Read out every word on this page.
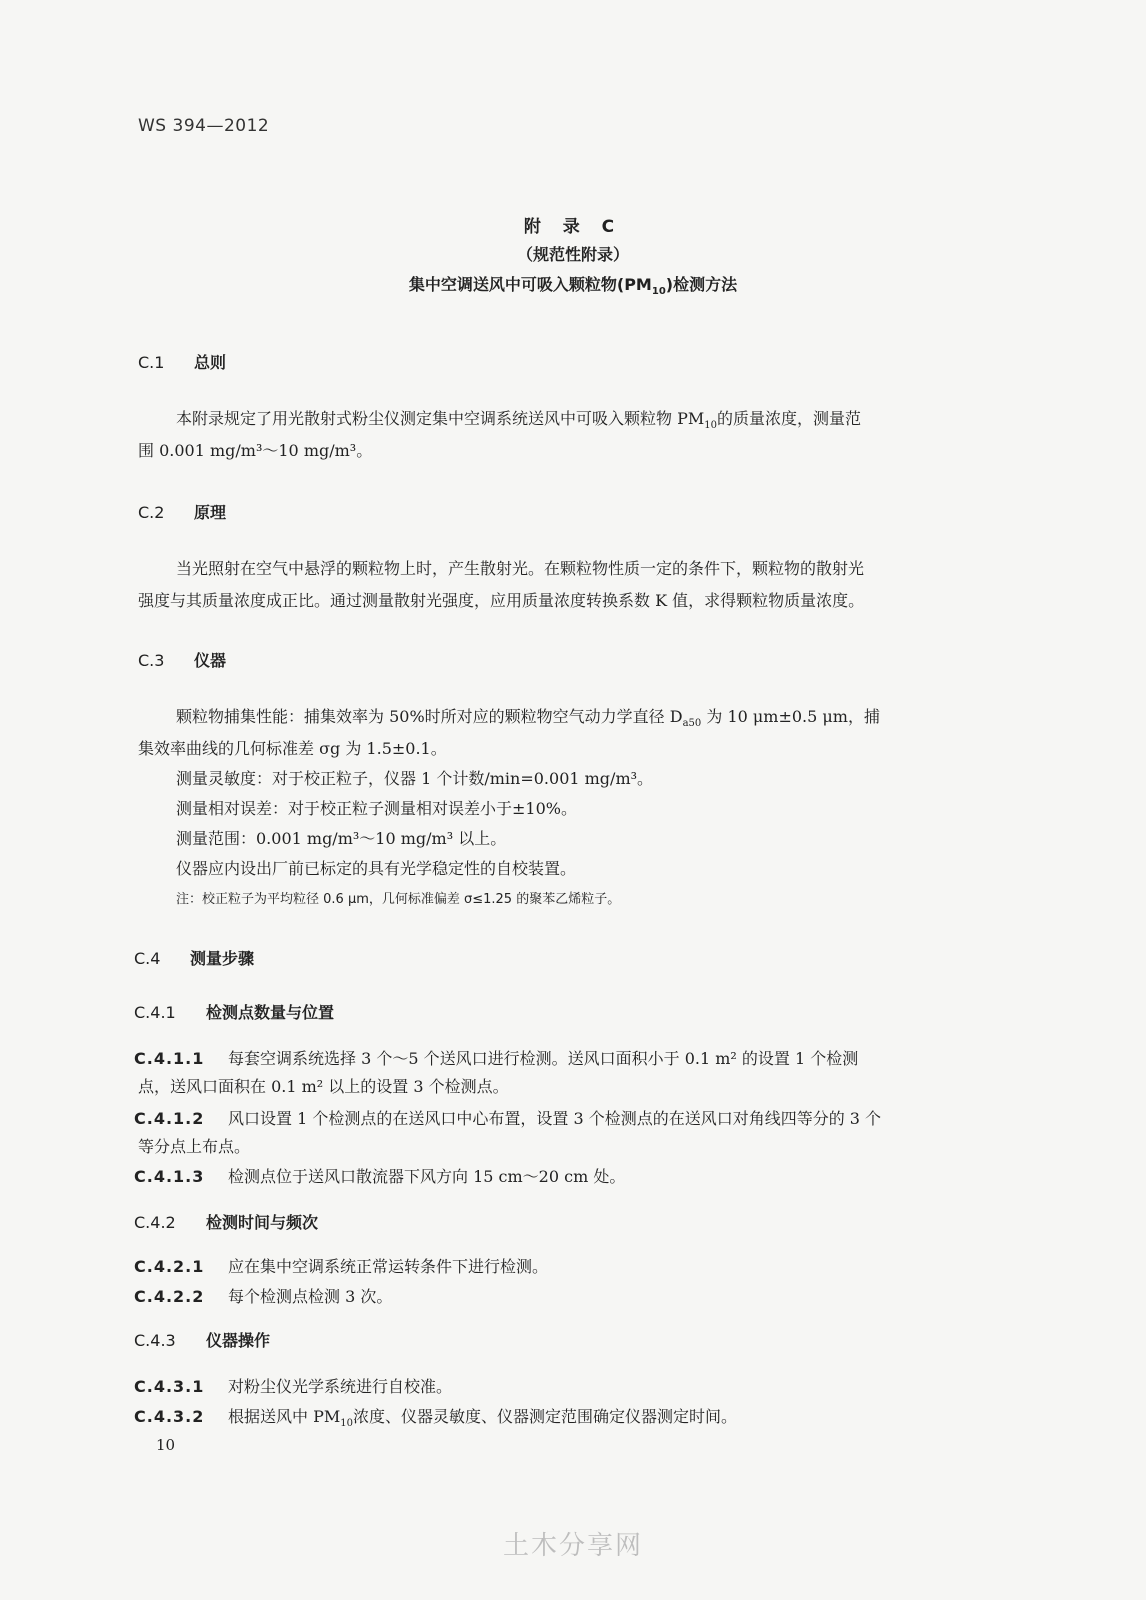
WS 394—2012
附 录 C
（规范性附录）
集中空调送风中可吸入颗粒物$(PM_{10})$检测方法
C.1 总则
本附录规定了用光散射式粉尘仪测定集中空调系统送风中可吸入颗粒物 $PM_{10}$的质量浓度，测量范
围 0.001 mg/m³～10 mg/m³。
C.2 原理
当光照射在空气中悬浮的颗粒物上时，产生散射光。在颗粒物性质一定的条件下，颗粒物的散射光
强度与其质量浓度成正比。通过测量散射光强度，应用质量浓度转换系数 K 值，求得颗粒物质量浓度。
C.3 仪器
颗粒物捕集性能：捕集效率为 50%时所对应的颗粒物空气动力学直径 $D_{a50}$ 为 10 μm±0.5 μm，捕
集效率曲线的几何标准差 σg 为 1.5±0.1。
测量灵敏度：对于校正粒子，仪器 1 个计数/min=0.001 mg/m³。
测量相对误差：对于校正粒子测量相对误差小于±10%。
测量范围：0.001 mg/m³～10 mg/m³ 以上。
仪器应内设出厂前已标定的具有光学稳定性的自校装置。
注：校正粒子为平均粒径 0.6 μm，几何标准偏差 σ≤1.25 的聚苯乙烯粒子。
C.4 测量步骤
C.4.1 检测点数量与位置
C.4.1.1 每套空调系统选择 3 个～5 个送风口进行检测。送风口面积小于 0.1 m² 的设置 1 个检测
点，送风口面积在 0.1 m² 以上的设置 3 个检测点。
C.4.1.2 风口设置 1 个检测点的在送风口中心布置，设置 3 个检测点的在送风口对角线四等分的 3 个
等分点上布点。
C.4.1.3 检测点位于送风口散流器下风方向 15 cm～20 cm 处。
C.4.2 检测时间与频次
C.4.2.1 应在集中空调系统正常运转条件下进行检测。
C.4.2.2 每个检测点检测 3 次。
C.4.3 仪器操作
C.4.3.1 对粉尘仪光学系统进行自校准。
C.4.3.2 根据送风中 $PM_{10}$浓度、仪器灵敏度、仪器测定范围确定仪器测定时间。
10
土木分享网
